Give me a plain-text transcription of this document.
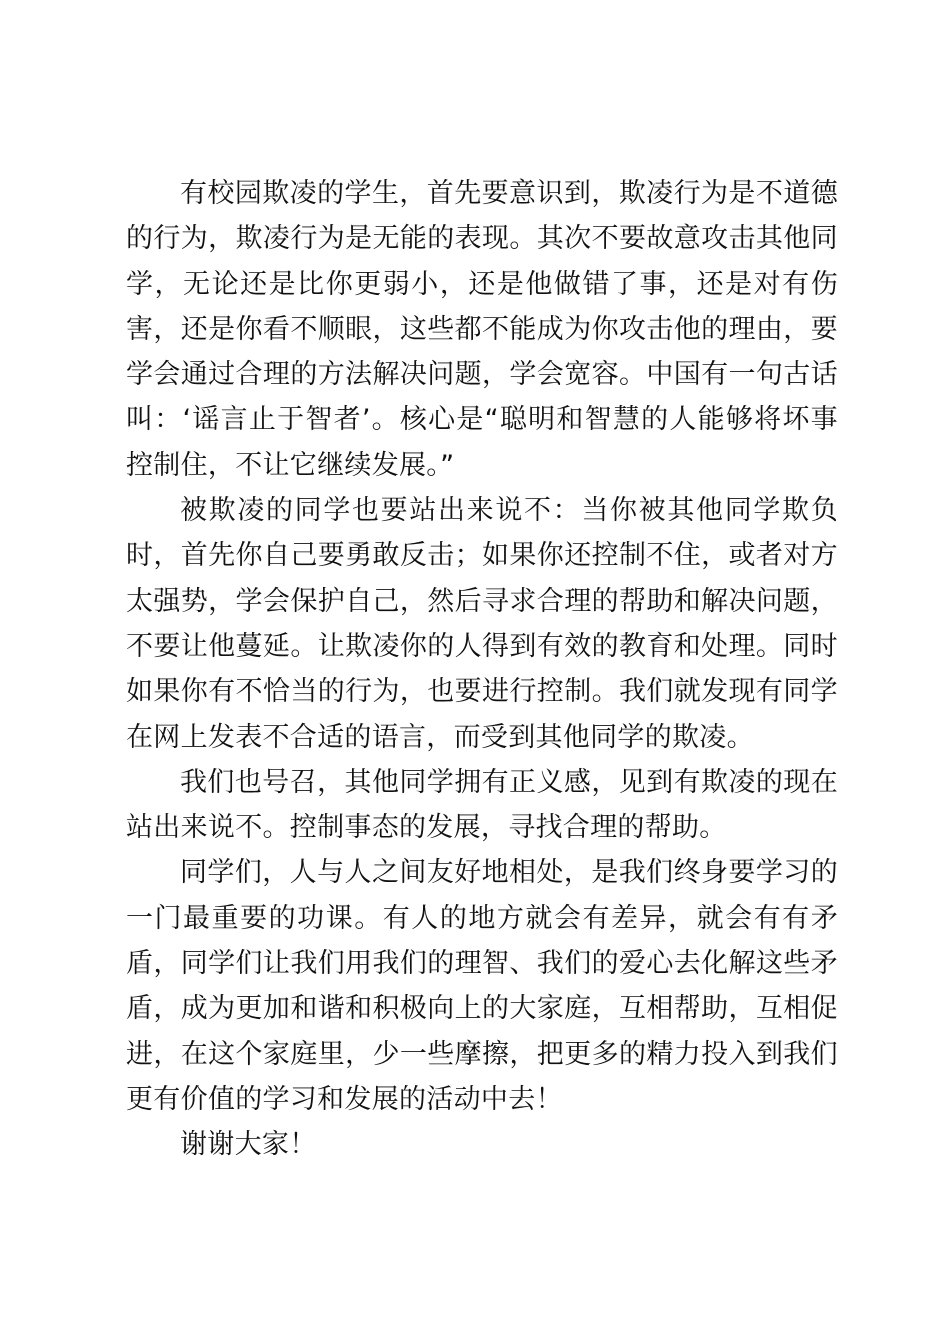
有校园欺凌的学生，首先要意识到，欺凌行为是不道德的行为，欺凌行为是无能的表现。其次不要故意攻击其他同学，无论还是比你更弱小，还是他做错了事，还是对有伤害，还是你看不顺眼，这些都不能成为你攻击他的理由，要学会通过合理的方法解决问题，学会宽容。中国有一句古话叫：‘谣言止于智者’。核心是“聪明和智慧的人能够将坏事控制住，不让它继续发展。”

被欺凌的同学也要站出来说不：当你被其他同学欺负时，首先你自己要勇敢反击；如果你还控制不住，或者对方太强势，学会保护自己，然后寻求合理的帮助和解决问题，不要让他蔓延。让欺凌你的人得到有效的教育和处理。同时如果你有不恰当的行为，也要进行控制。我们就发现有同学在网上发表不合适的语言，而受到其他同学的欺凌。

我们也号召，其他同学拥有正义感，见到有欺凌的现在站出来说不。控制事态的发展，寻找合理的帮助。

同学们，人与人之间友好地相处，是我们终身要学习的一门最重要的功课。有人的地方就会有差异，就会有有矛盾，同学们让我们用我们的理智、我们的爱心去化解这些矛盾，成为更加和谐和积极向上的大家庭，互相帮助，互相促进，在这个家庭里，少一些摩擦，把更多的精力投入到我们更有价值的学习和发展的活动中去！

谢谢大家！
